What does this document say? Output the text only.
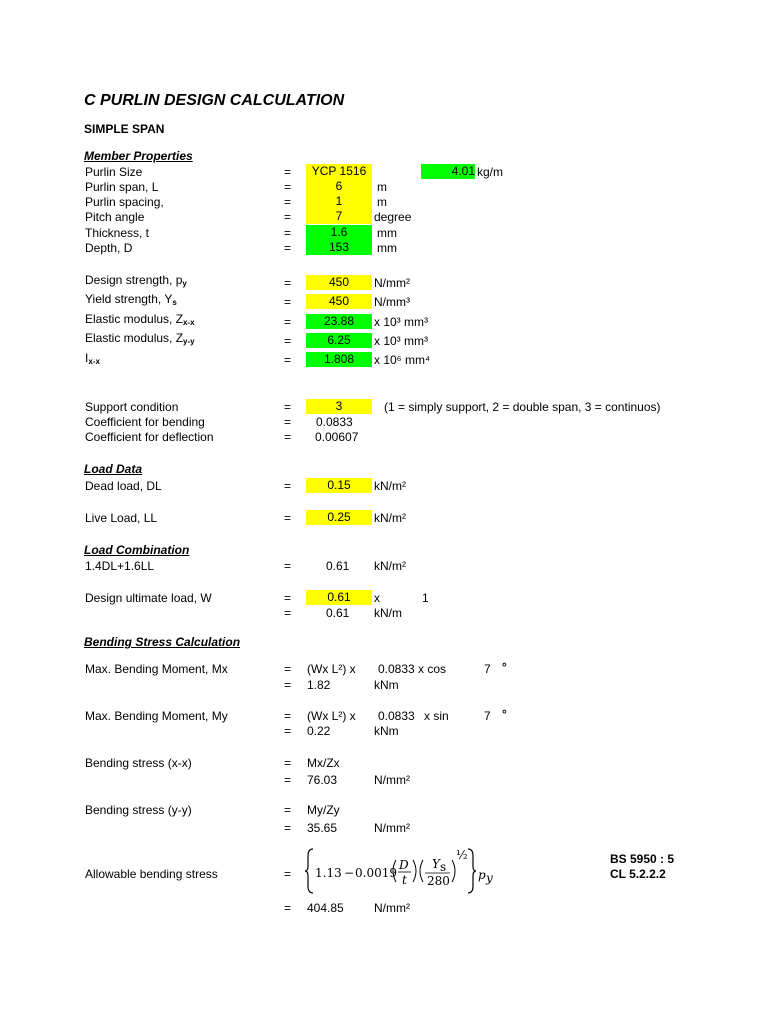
C PURLIN DESIGN CALCULATION
SIMPLE SPAN
Member Properties
Purlin Size	=	YCP 1516	4.01 kg/m
Purlin span, L	=	6	m
Purlin spacing,	=	1	m
Pitch angle	=	7	degree
Thickness, t	=	1.6	mm
Depth, D	=	153	mm
Design strength, $p_y$	=	450	N/mm²
Yield strength, $Y_s$	=	450	N/mm³
Elastic modulus, $Z_{x-x}$	=	23.88	x 10³ mm³
Elastic modulus, $Z_{y-y}$	=	6.25	x 10³ mm³
$I_{x-x}$	=	1.808	x 10⁶ mm⁴
Support condition	=	3	(1 = simply support, 2 = double span, 3 = continuos)
Coefficient for bending	= 0.0833
Coefficient for deflection	= 0.00607
Load Data
Dead load, DL	=	0.15	kN/m²
Live Load, LL	=	0.25	kN/m²
Load Combination
1.4DL+1.6LL	=	0.61 kN/m²
Design ultimate load, W	=	0.61	x	1
=	0.61 kN/m
Bending Stress Calculation
Max. Bending Moment, Mx	= (Wx L²) x 0.0833 x cos	7 °
= 1.82	kNm
Max. Bending Moment, My	= (Wx L²) x 0.0833 x sin	7 °
= 0.22	kNm
Bending stress (x-x)	= Mx/Zx
= 76.03	N/mm²
Bending stress (y-y)	= My/Zy
= 35.65	N/mm²
Allowable bending stress	= 1.13 − 0.0019
D
t
Y s
280
½
p y
BS 5950 : 5
CL 5.2.2.2
= 404.85	N/mm²
